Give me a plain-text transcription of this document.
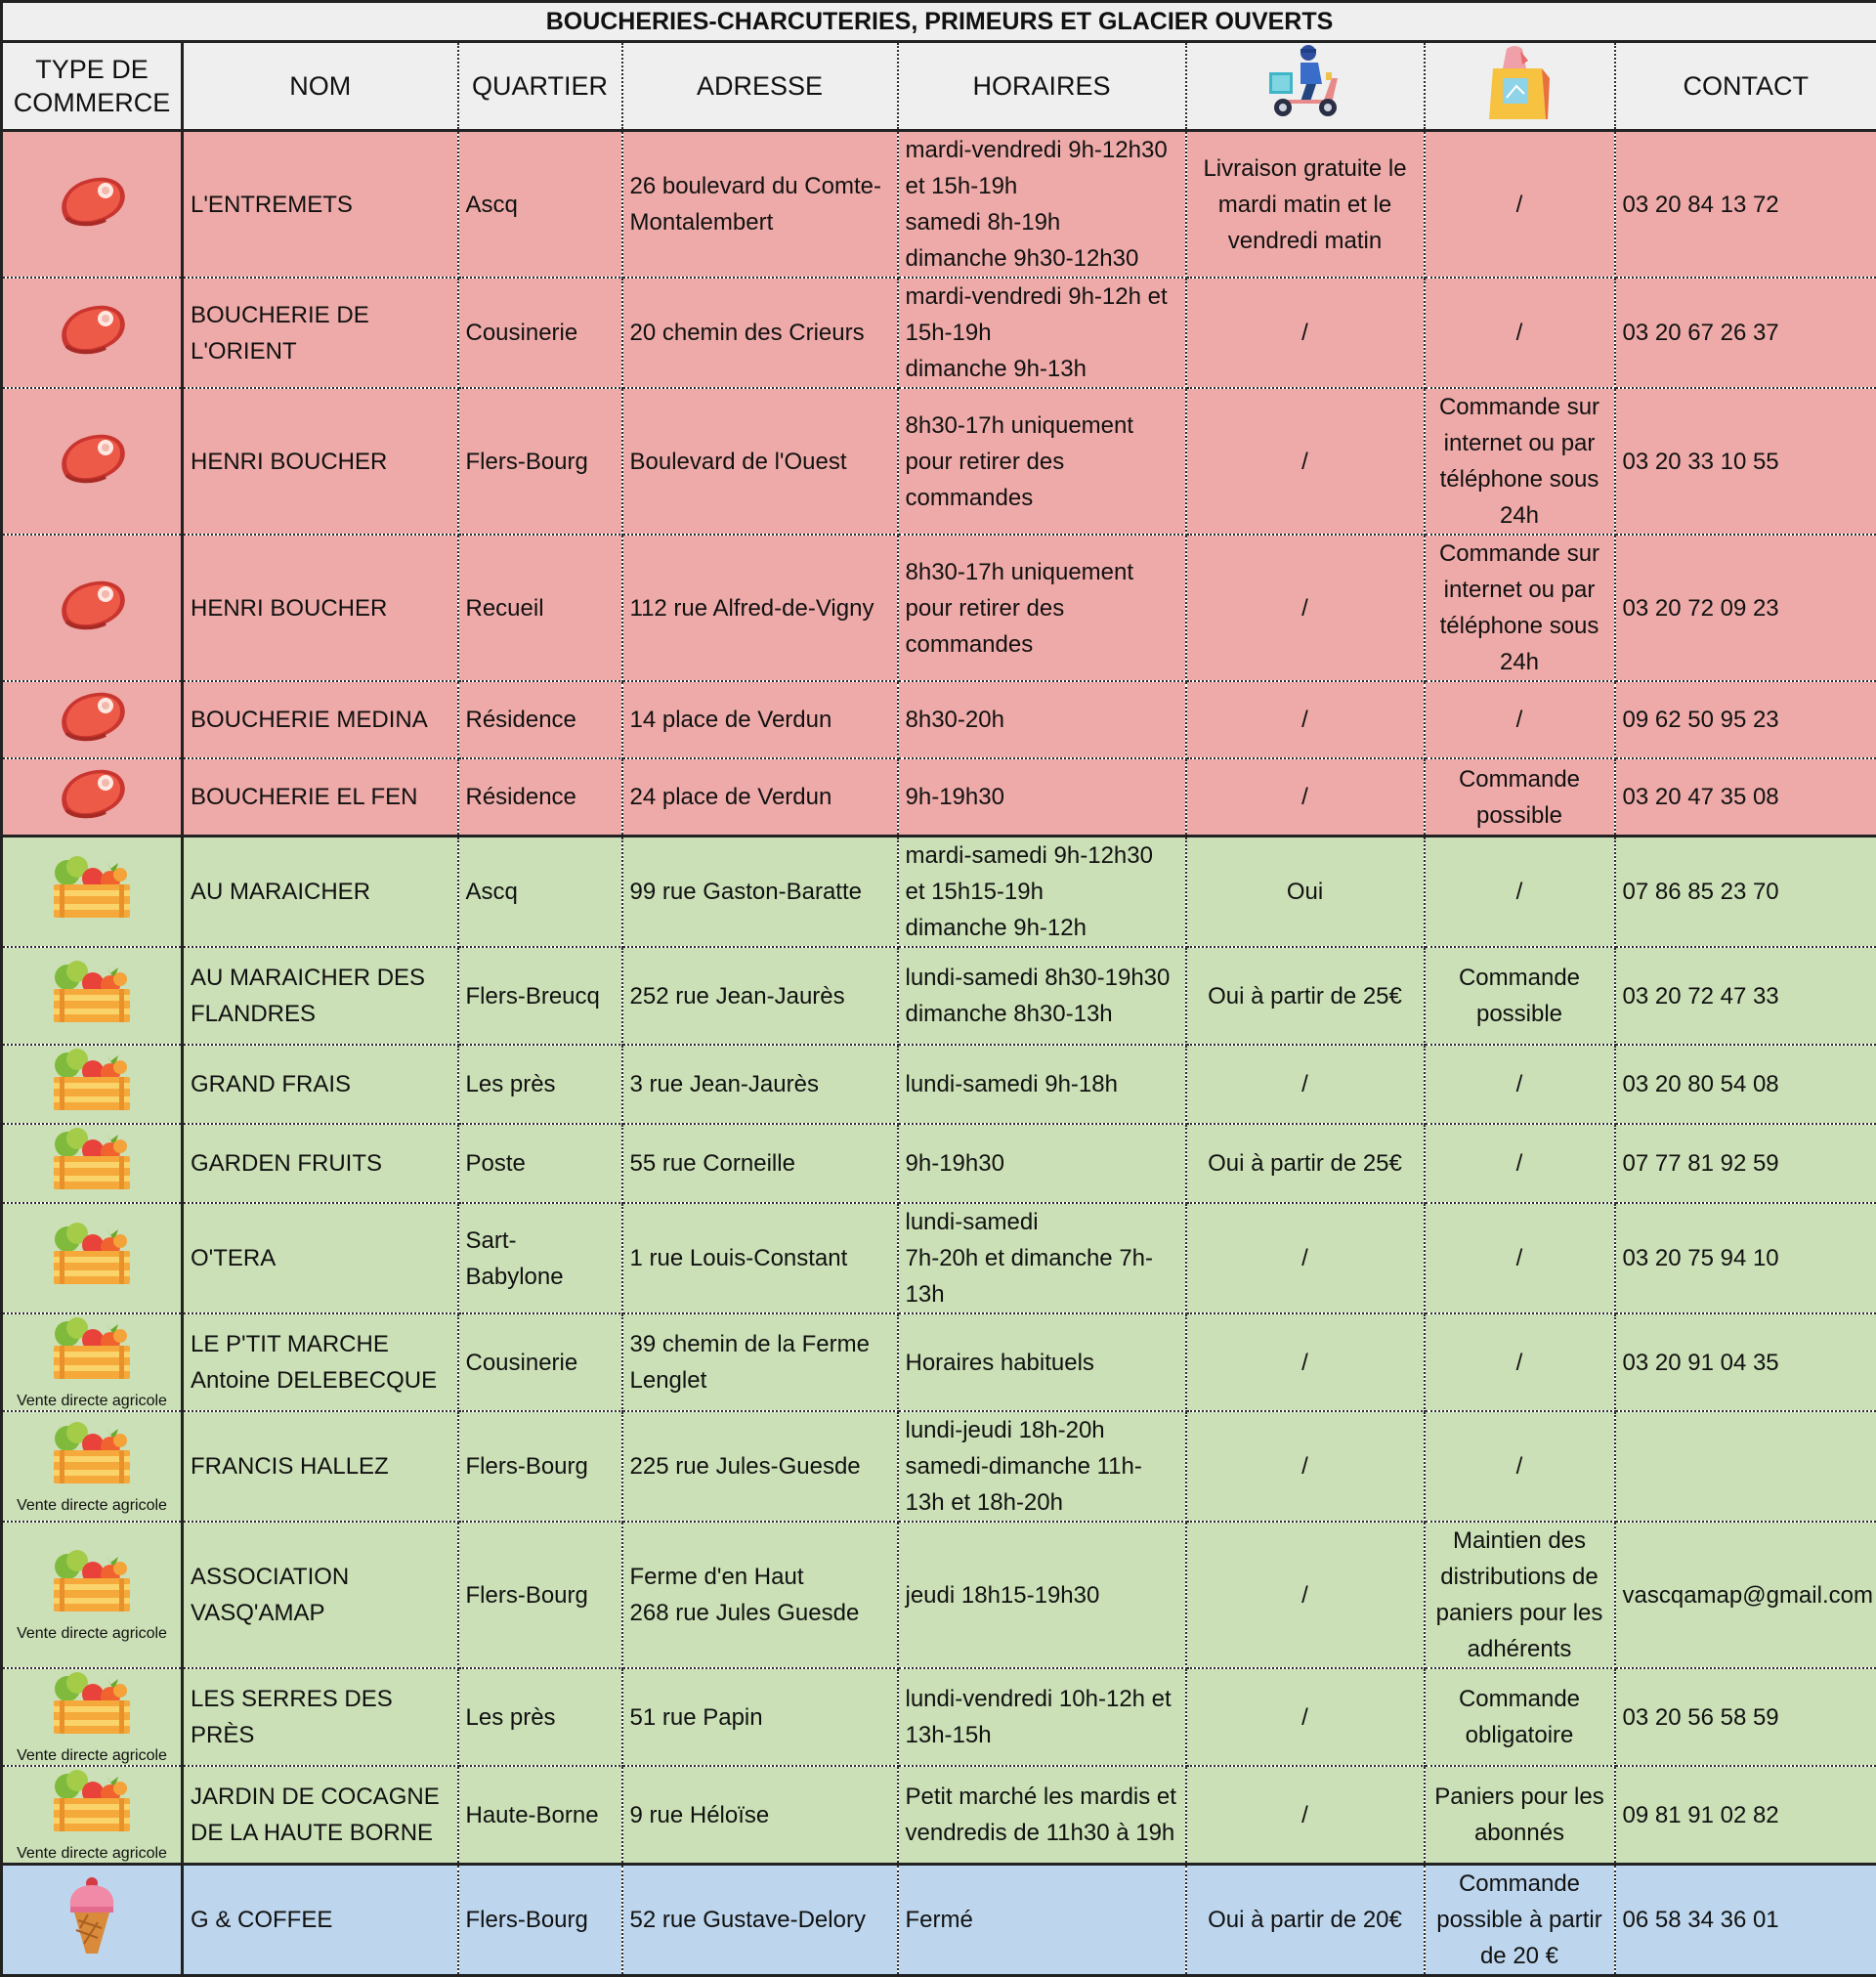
BOUCHERIES-CHARCUTERIES, PRIMEURS ET GLACIER OUVERTS							
TYPE DE COMMERCE	NOM	QUARTIER	ADRESSE	HORAIRES			CONTACT
	L'ENTREMETS	Ascq	26 boulevard du Comte-Montalembert	mardi-vendredi 9h-12h30 et 15h-19h
samedi 8h-19h
dimanche 9h30-12h30	Livraison gratuite le mardi matin et le vendredi matin	/	03 20 84 13 72
	BOUCHERIE DE L'ORIENT	Cousinerie	20 chemin des Crieurs	mardi-vendredi 9h-12h et 15h-19h
dimanche 9h-13h	/	/	03 20 67 26 37
	HENRI BOUCHER	Flers-Bourg	Boulevard de l'Ouest	8h30-17h uniquement pour retirer des commandes	/	Commande sur internet ou par téléphone sous 24h	03 20 33 10 55
	HENRI BOUCHER	Recueil	112 rue Alfred-de-Vigny	8h30-17h uniquement pour retirer des commandes	/	Commande sur internet ou par téléphone sous 24h	03 20 72 09 23
	BOUCHERIE MEDINA	Résidence	14 place de Verdun	8h30-20h	/	/	09 62 50 95 23
	BOUCHERIE EL FEN	Résidence	24 place de Verdun	9h-19h30	/	Commande possible	03 20 47 35 08
	AU MARAICHER	Ascq	99 rue Gaston-Baratte	mardi-samedi 9h-12h30 et 15h15-19h
dimanche 9h-12h	Oui	/	07 86 85 23 70
	AU MARAICHER DES FLANDRES	Flers-Breucq	252 rue Jean-Jaurès	lundi-samedi 8h30-19h30
dimanche 8h30-13h	Oui à partir de 25€	Commande possible	03 20 72 47 33
	GRAND FRAIS	Les près	3 rue Jean-Jaurès	lundi-samedi 9h-18h	/	/	03 20 80 54 08
	GARDEN FRUITS	Poste	55 rue Corneille	9h-19h30	Oui à partir de 25€	/	07 77 81 92 59
	O'TERA	Sart-Babylone	1 rue Louis-Constant	lundi-samedi
7h-20h et dimanche 7h-13h	/	/	03 20 75 94 10

Vente directe agricole	LE P'TIT MARCHE
Antoine DELEBECQUE	Cousinerie	39 chemin de la Ferme Lenglet	Horaires habituels	/	/	03 20 91 04 35

Vente directe agricole	FRANCIS HALLEZ	Flers-Bourg	225 rue Jules-Guesde	lundi-jeudi 18h-20h
samedi-dimanche 11h-13h et 18h-20h	/	/	

Vente directe agricole	ASSOCIATION VASQ'AMAP	Flers-Bourg	Ferme d'en Haut
268 rue Jules Guesde	jeudi 18h15-19h30	/	Maintien des distributions de paniers pour les adhérents	vascqamap@gmail.com

Vente directe agricole	LES SERRES DES PRÈS	Les près	51 rue Papin	lundi-vendredi 10h-12h et 13h-15h	/	Commande obligatoire	03 20 56 58 59

Vente directe agricole	JARDIN DE COCAGNE DE LA HAUTE BORNE	Haute-Borne	9 rue Héloïse	Petit marché les mardis et vendredis de 11h30 à 19h	/	Paniers pour les abonnés	09 81 91 02 82
	G & COFFEE	Flers-Bourg	52 rue Gustave-Delory	Fermé	Oui à partir de 20€	Commande possible à partir de 20 €	06 58 34 36 01
